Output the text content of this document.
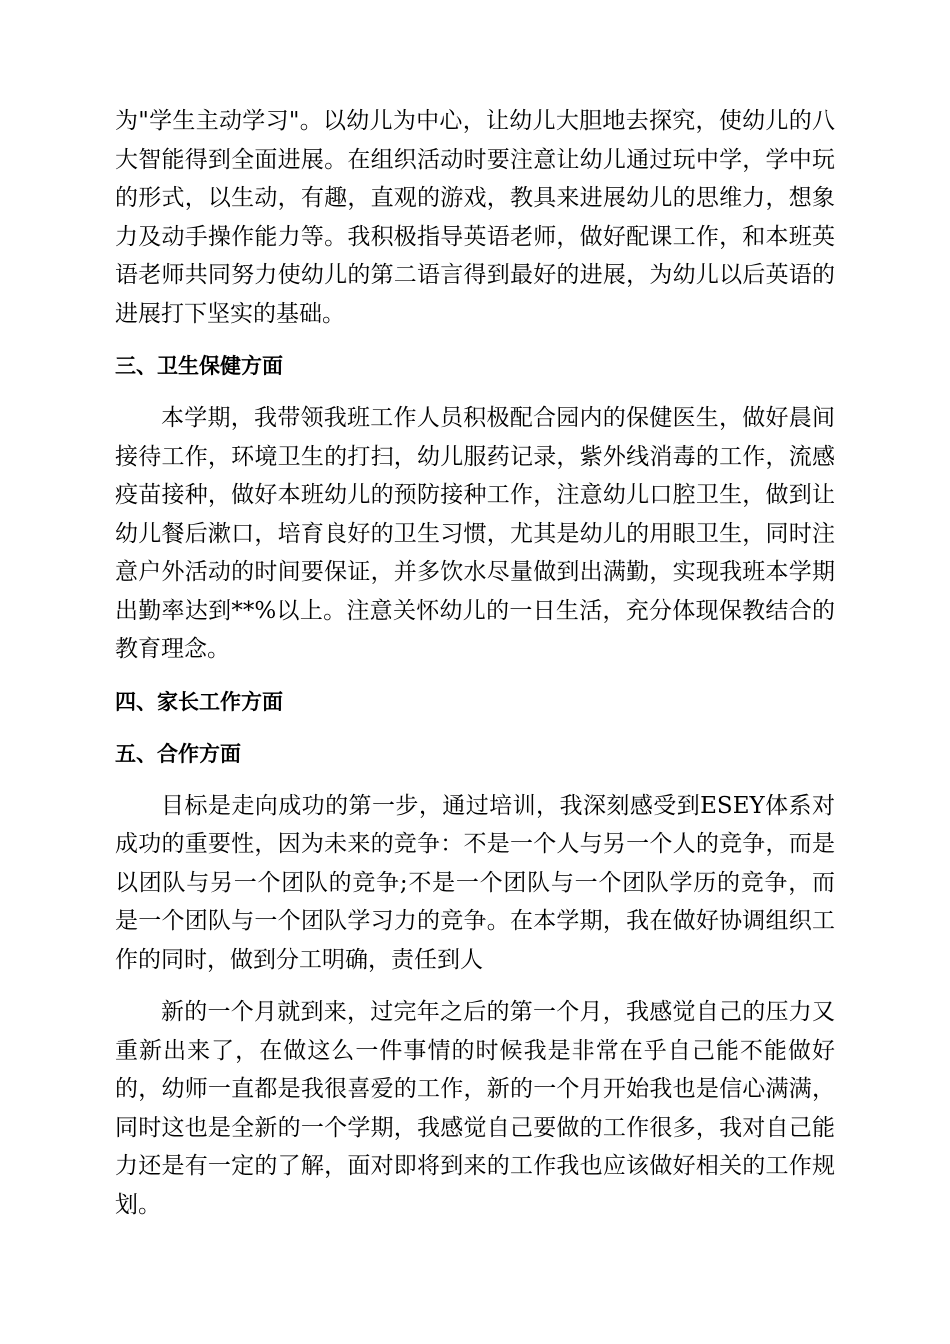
为"学生主动学习"。以幼儿为中心，让幼儿大胆地去探究，使幼儿的八大智能得到全面进展。在组织活动时要注意让幼儿通过玩中学，学中玩的形式，以生动，有趣，直观的游戏，教具来进展幼儿的思维力，想象力及动手操作能力等。我积极指导英语老师，做好配课工作，和本班英语老师共同努力使幼儿的第二语言得到最好的进展，为幼儿以后英语的进展打下坚实的基础。

三、卫生保健方面

本学期，我带领我班工作人员积极配合园内的保健医生，做好晨间接待工作，环境卫生的打扫，幼儿服药记录，紫外线消毒的工作，流感疫苗接种，做好本班幼儿的预防接种工作，注意幼儿口腔卫生，做到让幼儿餐后漱口，培育良好的卫生习惯，尤其是幼儿的用眼卫生，同时注意户外活动的时间要保证，并多饮水尽量做到出满勤，实现我班本学期出勤率达到**%以上。注意关怀幼儿的一日生活，充分体现保教结合的教育理念。

四、家长工作方面
五、合作方面

目标是走向成功的第一步，通过培训，我深刻感受到ESEY体系对成功的重要性，因为未来的竞争：不是一个人与另一个人的竞争，而是以团队与另一个团队的竞争;不是一个团队与一个团队学历的竞争，而是一个团队与一个团队学习力的竞争。在本学期，我在做好协调组织工作的同时，做到分工明确，责任到人

新的一个月就到来，过完年之后的第一个月，我感觉自己的压力又重新出来了，在做这么一件事情的时候我是非常在乎自己能不能做好的，幼师一直都是我很喜爱的工作，新的一个月开始我也是信心满满，同时这也是全新的一个学期，我感觉自己要做的工作很多，我对自己能力还是有一定的了解，面对即将到来的工作我也应该做好相关的工作规划。
